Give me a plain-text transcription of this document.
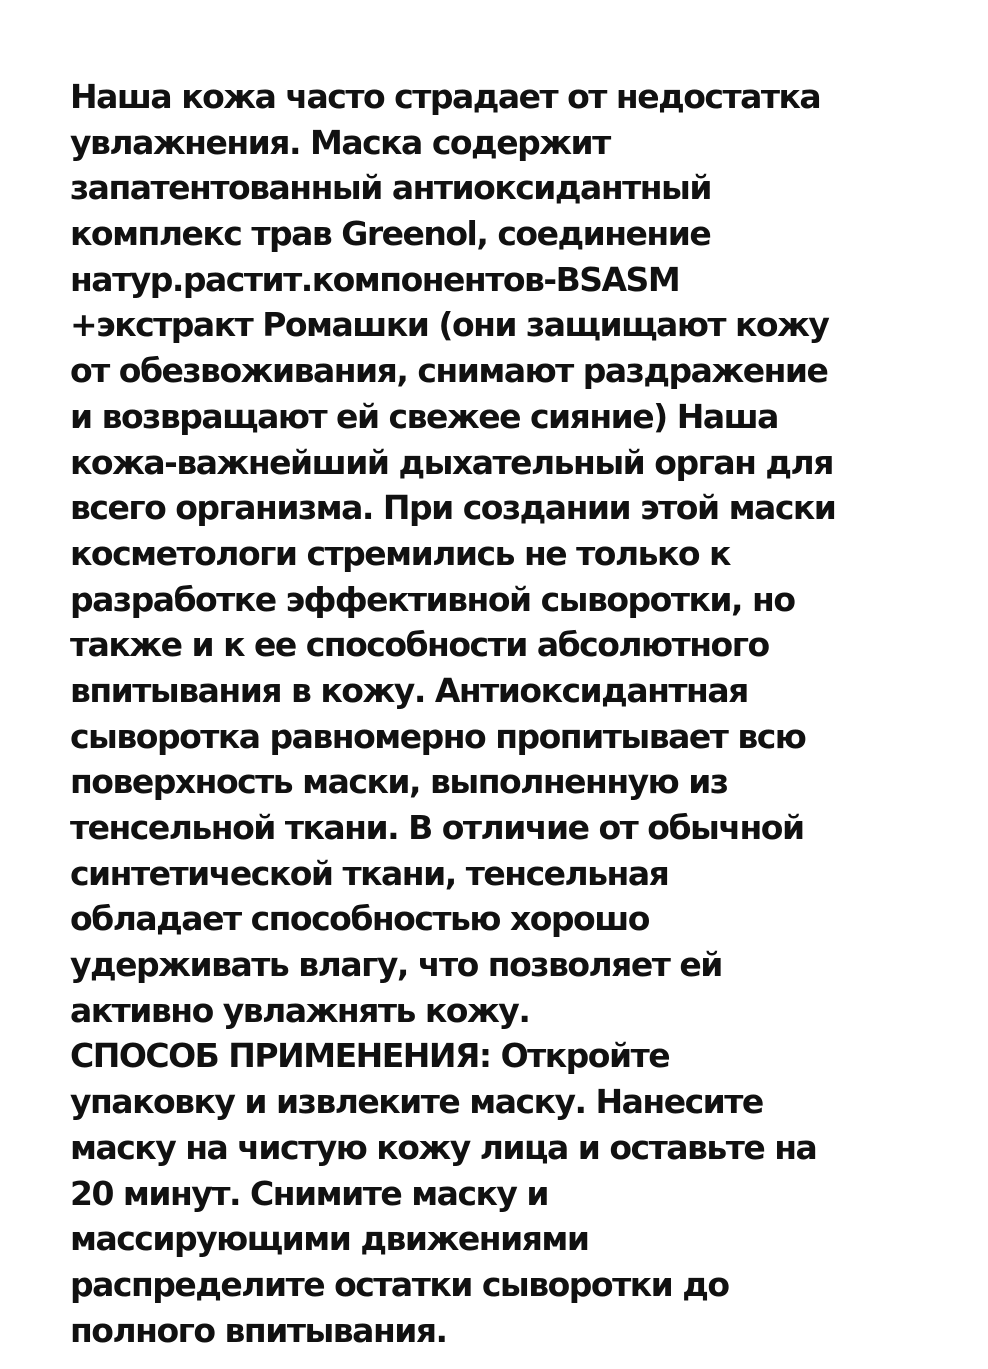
Наша кожа часто страдает от недостатка
увлажнения. Маска содержит
запатентованный антиоксидантный
комплекс трав Greenol, соединение
натур.растит.компонентов-BSASM
+экстракт Ромашки (они защищают кожу
от обезвоживания, снимают раздражение
и возвращают ей свежее сияние) Наша
кожа-важнейший дыхательный орган для
всего организма. При создании этой маски
косметологи стремились не только к
разработке эффективной сыворотки, но
также и к ее способности абсолютного
впитывания в кожу. Антиоксидантная
сыворотка равномерно пропитывает всю
поверхность маски, выполненную из
тенсельной ткани. В отличие от обычной
синтетической ткани, тенсельная
обладает способностью хорошо
удерживать влагу, что позволяет ей
активно увлажнять кожу.
СПОСОБ ПРИМЕНЕНИЯ: Откройте
упаковку и извлеките маску. Нанесите
маску на чистую кожу лица и оставьте на
20 минут. Снимите маску и
массирующими движениями
распределите остатки сыворотки до
полного впитывания.
